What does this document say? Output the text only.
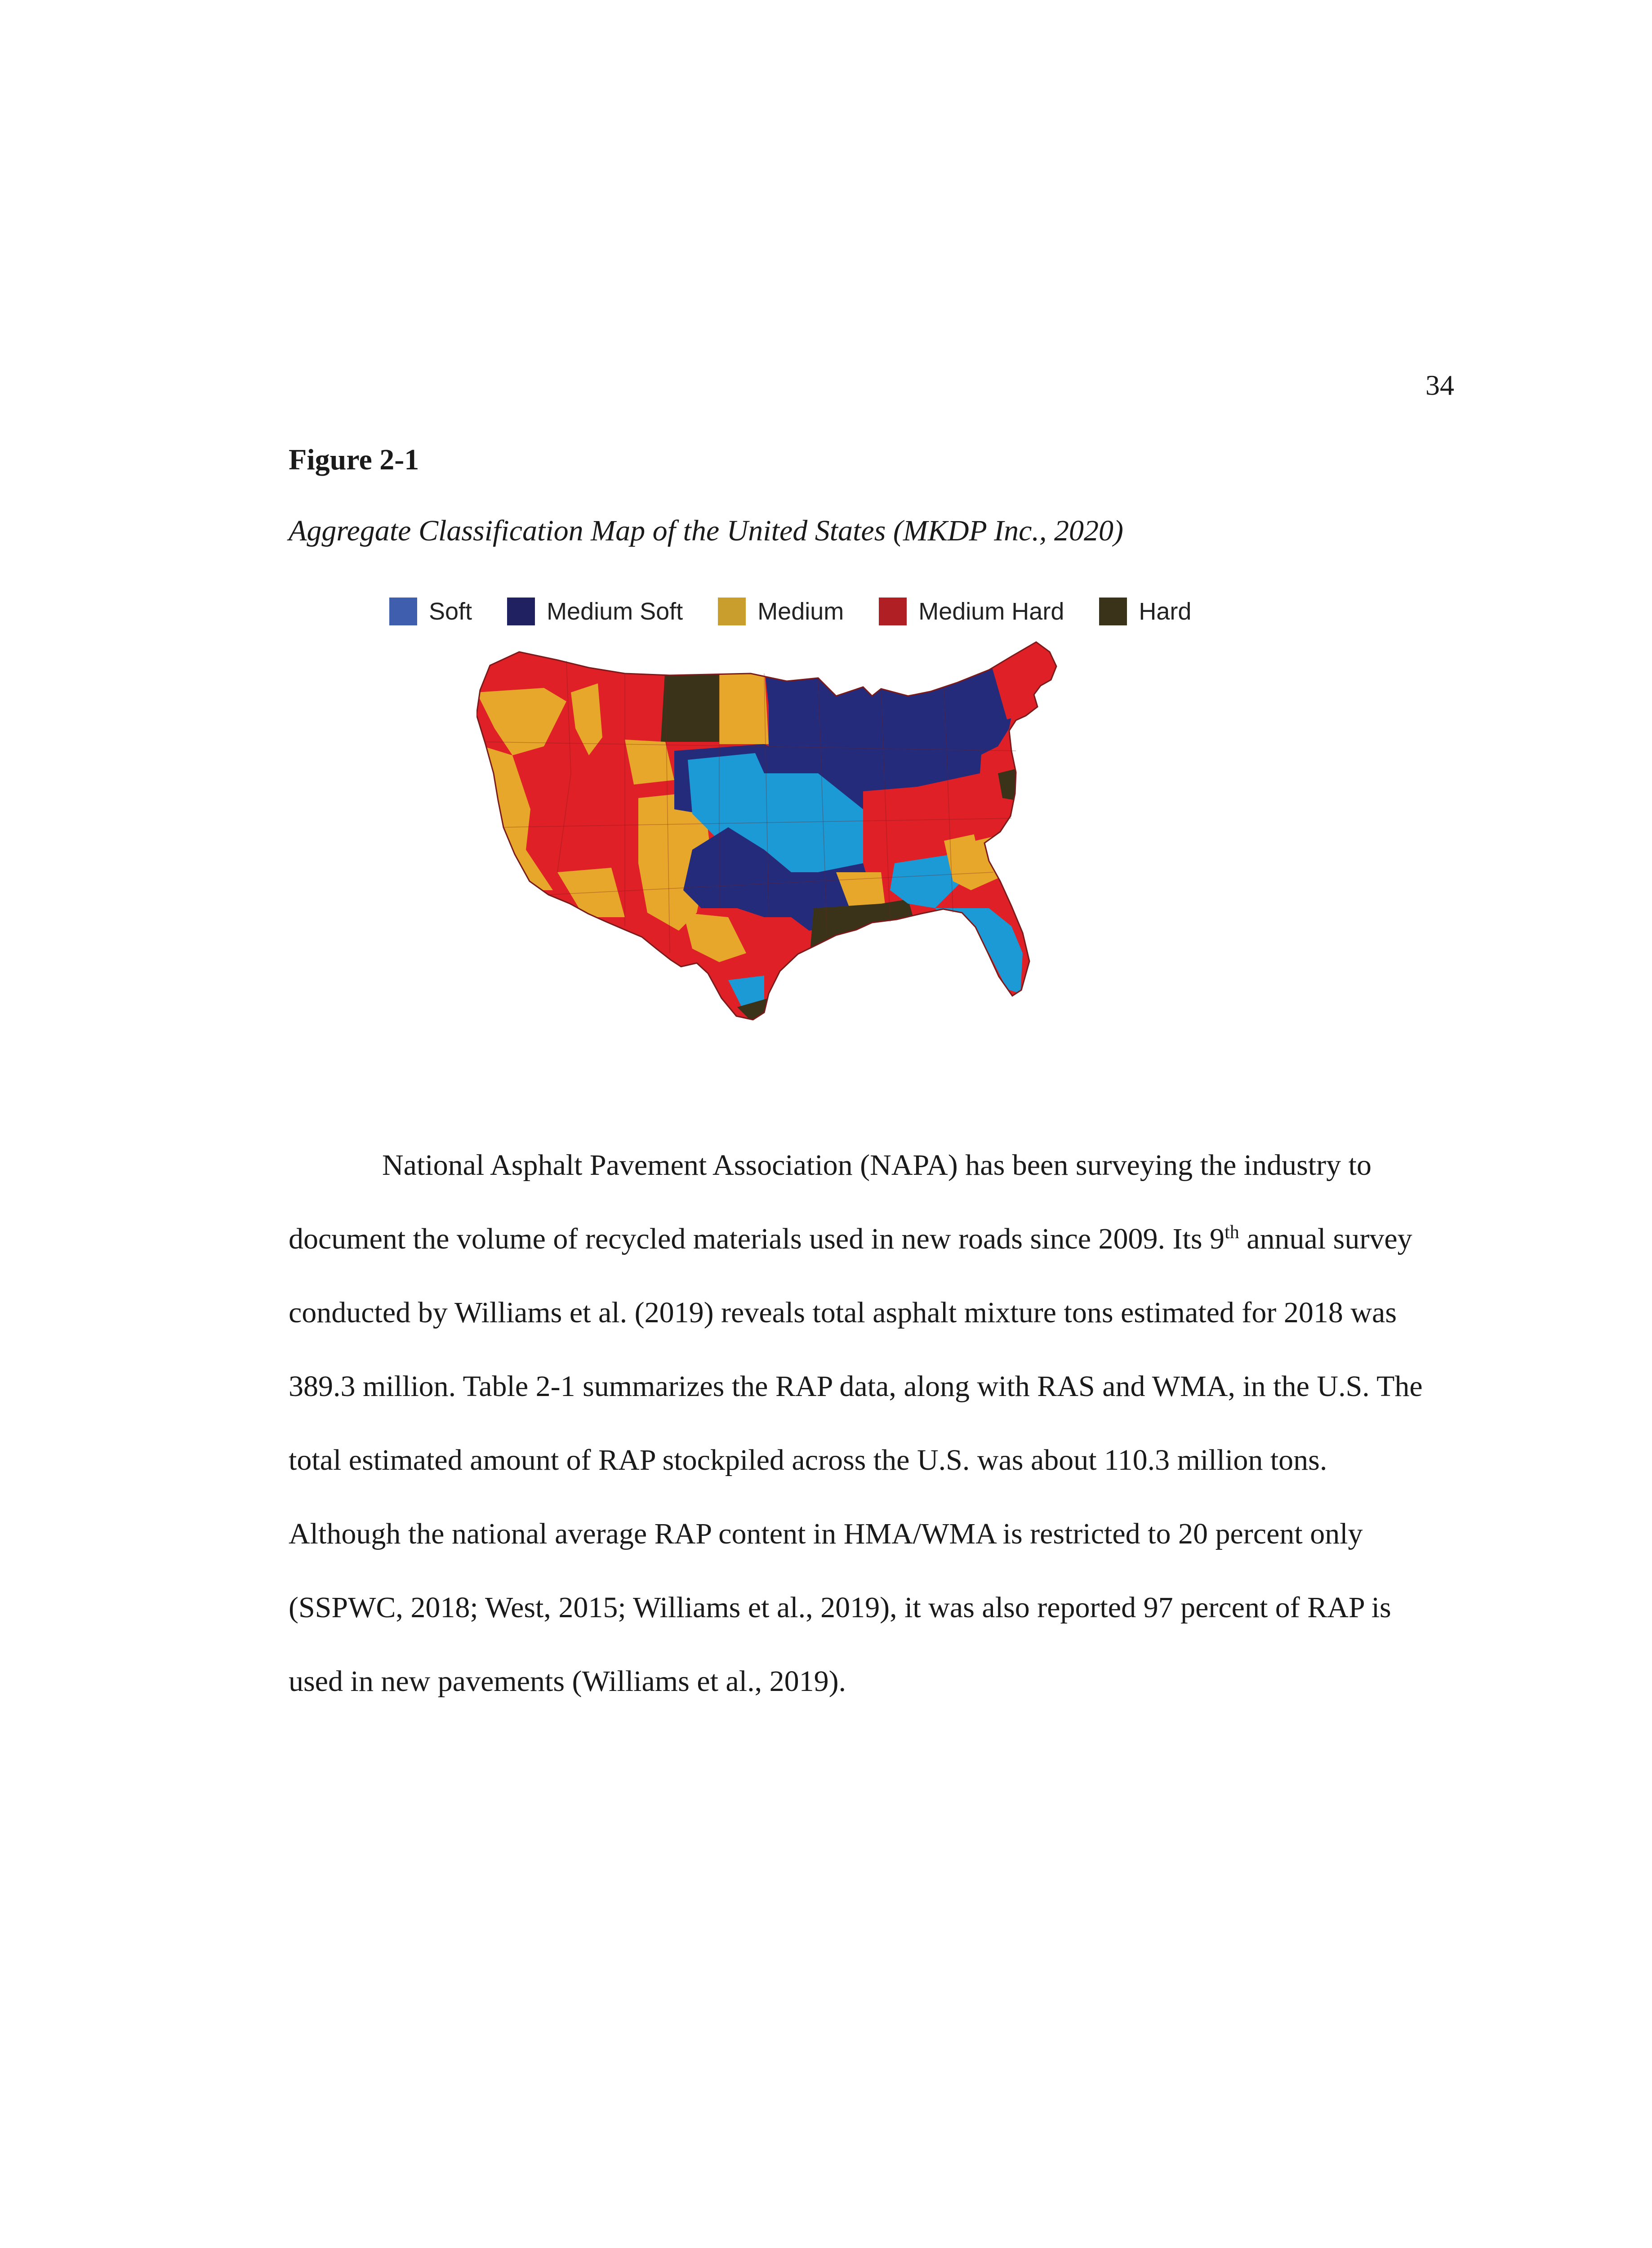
34
Figure 2-1
Aggregate Classification Map of the United States (MKDP Inc., 2020)
Soft	Medium Soft	Medium	Medium Hard	Hard

National Asphalt Pavement Association (NAPA) has been surveying the industry to document the volume of recycled materials used in new roads since 2009. Its 9th annual survey conducted by Williams et al. (2019) reveals total asphalt mixture tons estimated for 2018 was 389.3 million. Table 2-1 summarizes the RAP data, along with RAS and WMA, in the U.S. The total estimated amount of RAP stockpiled across the U.S. was about 110.3 million tons. Although the national average RAP content in HMA/WMA is restricted to 20 percent only (SSPWC, 2018; West, 2015; Williams et al., 2019), it was also reported 97 percent of RAP is used in new pavements (Williams et al., 2019).
